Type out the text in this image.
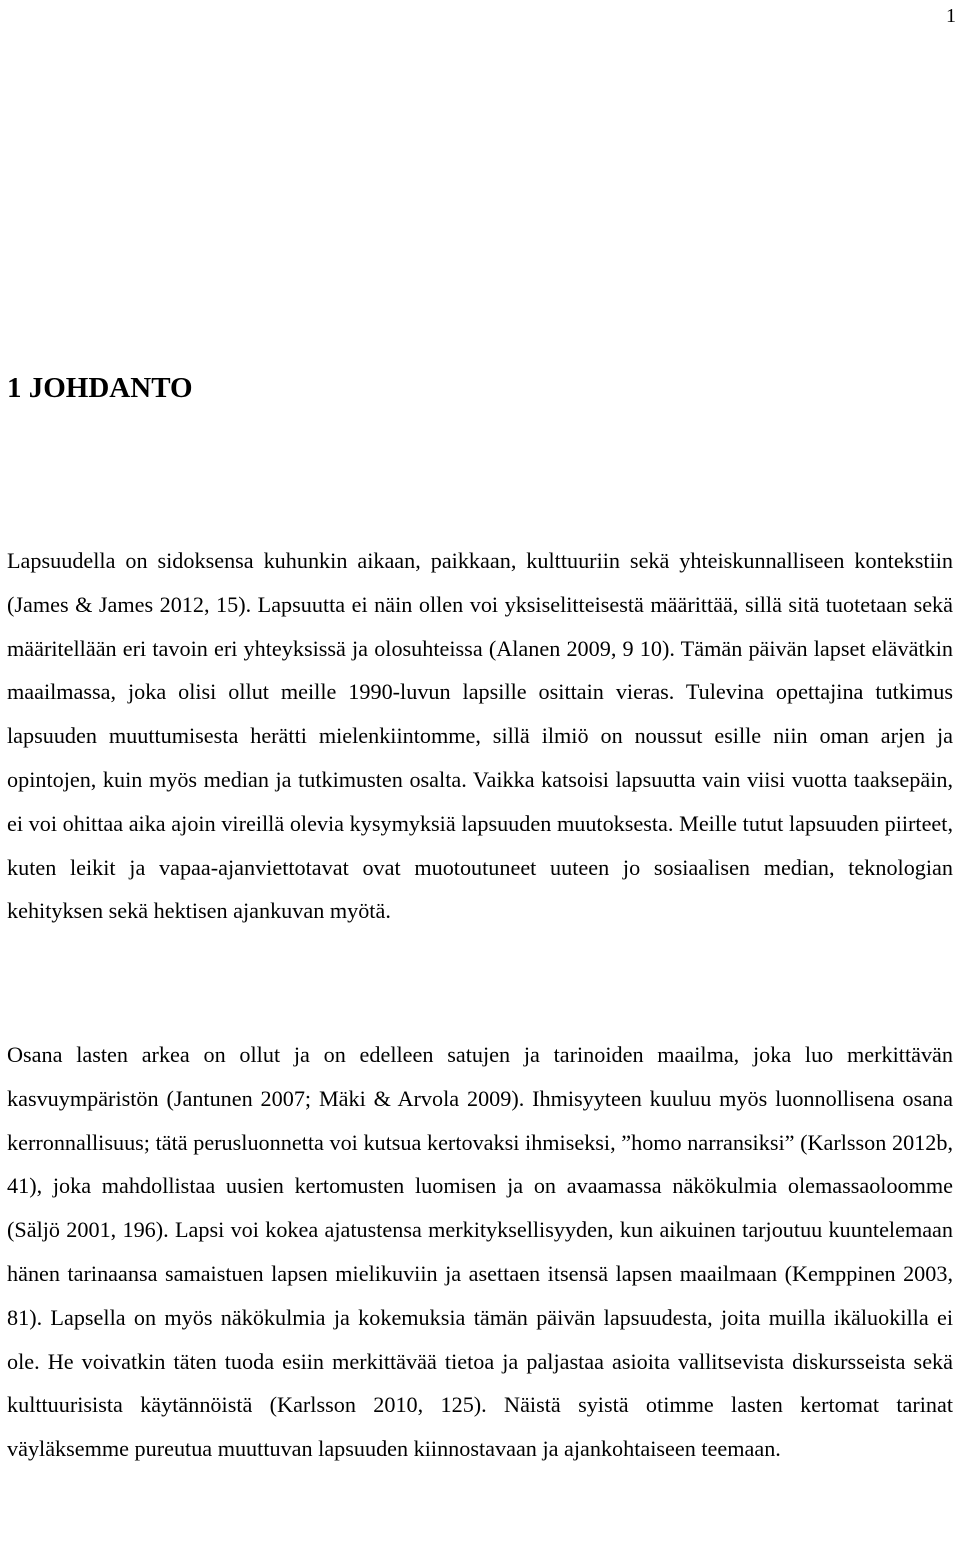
1
1 JOHDANTO

Lapsuudella on sidoksensa kuhunkin aikaan, paikkaan, kulttuuriin sekä yhteiskunnalliseen kontekstiin (James & James 2012, 15). Lapsuutta ei näin ollen voi yksiselitteisestä määrittää, sillä sitä tuotetaan sekä määritellään eri tavoin eri yhteyksissä ja olosuhteissa (Alanen 2009, 9 10). Tämän päivän lapset elävätkin maailmassa, joka olisi ollut meille 1990-luvun lapsille osittain vieras. Tulevina opettajina tutkimus lapsuuden muuttumisesta herätti mielenkiintomme, sillä ilmiö on noussut esille niin oman arjen ja opintojen, kuin myös median ja tutkimusten osalta. Vaikka katsoisi lapsuutta vain viisi vuotta taaksepäin, ei voi ohittaa aika ajoin vireillä olevia kysymyksiä lapsuuden muutoksesta. Meille tutut lapsuuden piirteet, kuten leikit ja vapaa-ajanviettotavat ovat muotoutuneet uuteen jo sosiaalisen median, teknologian kehityksen sekä hektisen ajankuvan myötä.

Osana lasten arkea on ollut ja on edelleen satujen ja tarinoiden maailma, joka luo merkittävän kasvuympäristön (Jantunen 2007; Mäki & Arvola 2009). Ihmisyyteen kuuluu myös luonnollisena osana kerronnallisuus; tätä perusluonnetta voi kutsua kertovaksi ihmiseksi, ”homo narransiksi” (Karlsson 2012b, 41), joka mahdollistaa uusien kertomusten luomisen ja on avaamassa näkökulmia olemassaoloomme (Säljö 2001, 196). Lapsi voi kokea ajatustensa merkityksellisyyden, kun aikuinen tarjoutuu kuuntelemaan hänen tarinaansa samaistuen lapsen mielikuviin ja asettaen itsensä lapsen maailmaan (Kemppinen 2003, 81). Lapsella on myös näkökulmia ja kokemuksia tämän päivän lapsuudesta, joita muilla ikäluokilla ei ole. He voivatkin täten tuoda esiin merkittävää tietoa ja paljastaa asioita vallitsevista diskursseista sekä kulttuurisista käytännöistä (Karlsson 2010, 125). Näistä syistä otimme lasten kertomat tarinat väyläksemme pureutua muuttuvan lapsuuden kiinnostavaan ja ajankohtaiseen teemaan.
